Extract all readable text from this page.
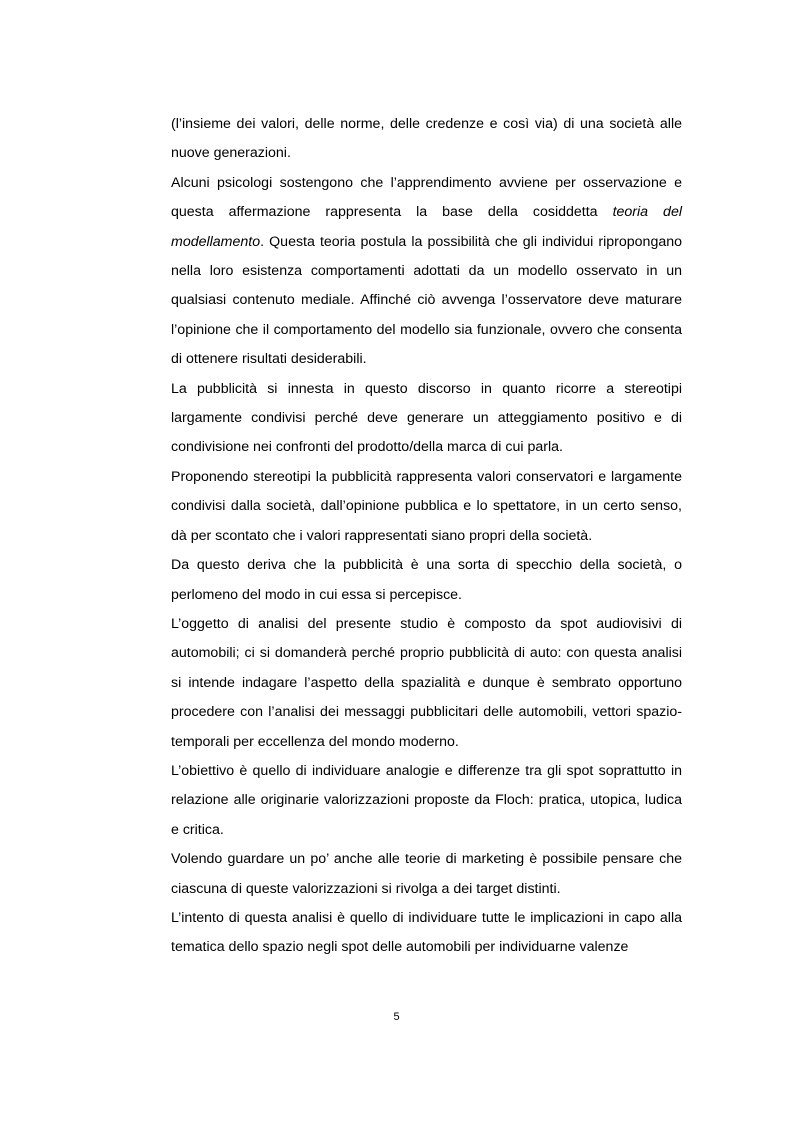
(l’insieme dei valori, delle norme, delle credenze e così via) di una società alle nuove generazioni.

Alcuni psicologi sostengono che l’apprendimento avviene per osservazione e questa affermazione rappresenta la base della cosiddetta teoria del modellamento. Questa teoria postula la possibilità che gli individui ripropongano nella loro esistenza comportamenti adottati da un modello osservato in un qualsiasi contenuto mediale. Affinché ciò avvenga l’osservatore deve maturare l’opinione che il comportamento del modello sia funzionale, ovvero che consenta di ottenere risultati desiderabili.

La pubblicità si innesta in questo discorso in quanto ricorre a stereotipi largamente condivisi perché deve generare un atteggiamento positivo e di condivisione nei confronti del prodotto/della marca di cui parla.

Proponendo stereotipi la pubblicità rappresenta valori conservatori e largamente condivisi dalla società, dall’opinione pubblica e lo spettatore, in un certo senso, dà per scontato che i valori rappresentati siano propri della società.

Da questo deriva che la pubblicità è una sorta di specchio della società, o perlomeno del modo in cui essa si percepisce.

L’oggetto di analisi del presente studio è composto da spot audiovisivi di automobili; ci si domanderà perché proprio pubblicità di auto: con questa analisi si intende indagare l’aspetto della spazialità e dunque è sembrato opportuno procedere con l’analisi dei messaggi pubblicitari delle automobili, vettori spazio-temporali per eccellenza del mondo moderno.

L’obiettivo è quello di individuare analogie e differenze tra gli spot soprattutto in relazione alle originarie valorizzazioni proposte da Floch: pratica, utopica, ludica e critica.

Volendo guardare un po’ anche alle teorie di marketing è possibile pensare che ciascuna di queste valorizzazioni si rivolga a dei target distinti.

L’intento di questa analisi è quello di individuare tutte le implicazioni in capo alla tematica dello spazio negli spot delle automobili per individuarne valenze

5
